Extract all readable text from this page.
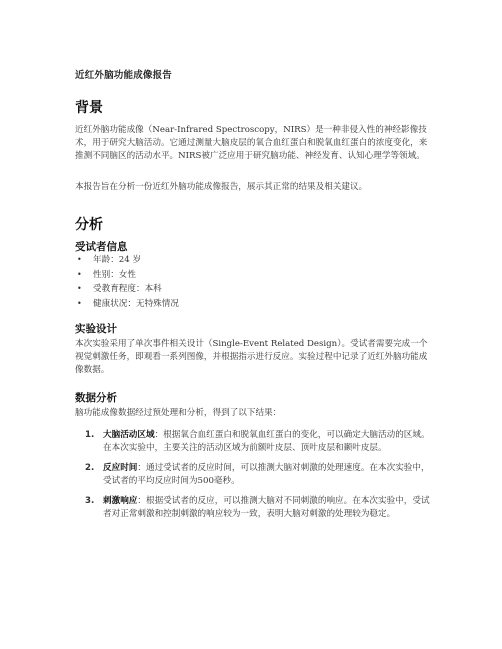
近红外脑功能成像报告
背景

近红外脑功能成像（Near-Infrared Spectroscopy，NIRS）是一种非侵入性的神经影像技术，用于研究大脑活动。它通过测量大脑皮层的氧合血红蛋白和脱氧血红蛋白的浓度变化，来推测不同脑区的活动水平。NIRS被广泛应用于研究脑功能、神经发育、认知心理学等领域。

本报告旨在分析一份近红外脑功能成像报告，展示其正常的结果及相关建议。

分析
受试者信息
• 年龄：24 岁
• 性别：女性
• 受教育程度：本科
• 健康状况：无特殊情况
实验设计

本次实验采用了单次事件相关设计（Single-Event Related Design）。受试者需要完成一个视觉刺激任务，即观看一系列图像，并根据指示进行反应。实验过程中记录了近红外脑功能成像数据。

数据分析

脑功能成像数据经过预处理和分析，得到了以下结果：

1. 大脑活动区域：根据氧合血红蛋白和脱氧血红蛋白的变化，可以确定大脑活动的区域。在本次实验中，主要关注的活动区域为前额叶皮层、顶叶皮层和颞叶皮层。
2. 反应时间：通过受试者的反应时间，可以推测大脑对刺激的处理速度。在本次实验中，受试者的平均反应时间为500毫秒。
3. 刺激响应：根据受试者的反应，可以推测大脑对不同刺激的响应。在本次实验中，受试者对正常刺激和控制刺激的响应较为一致，表明大脑对刺激的处理较为稳定。
